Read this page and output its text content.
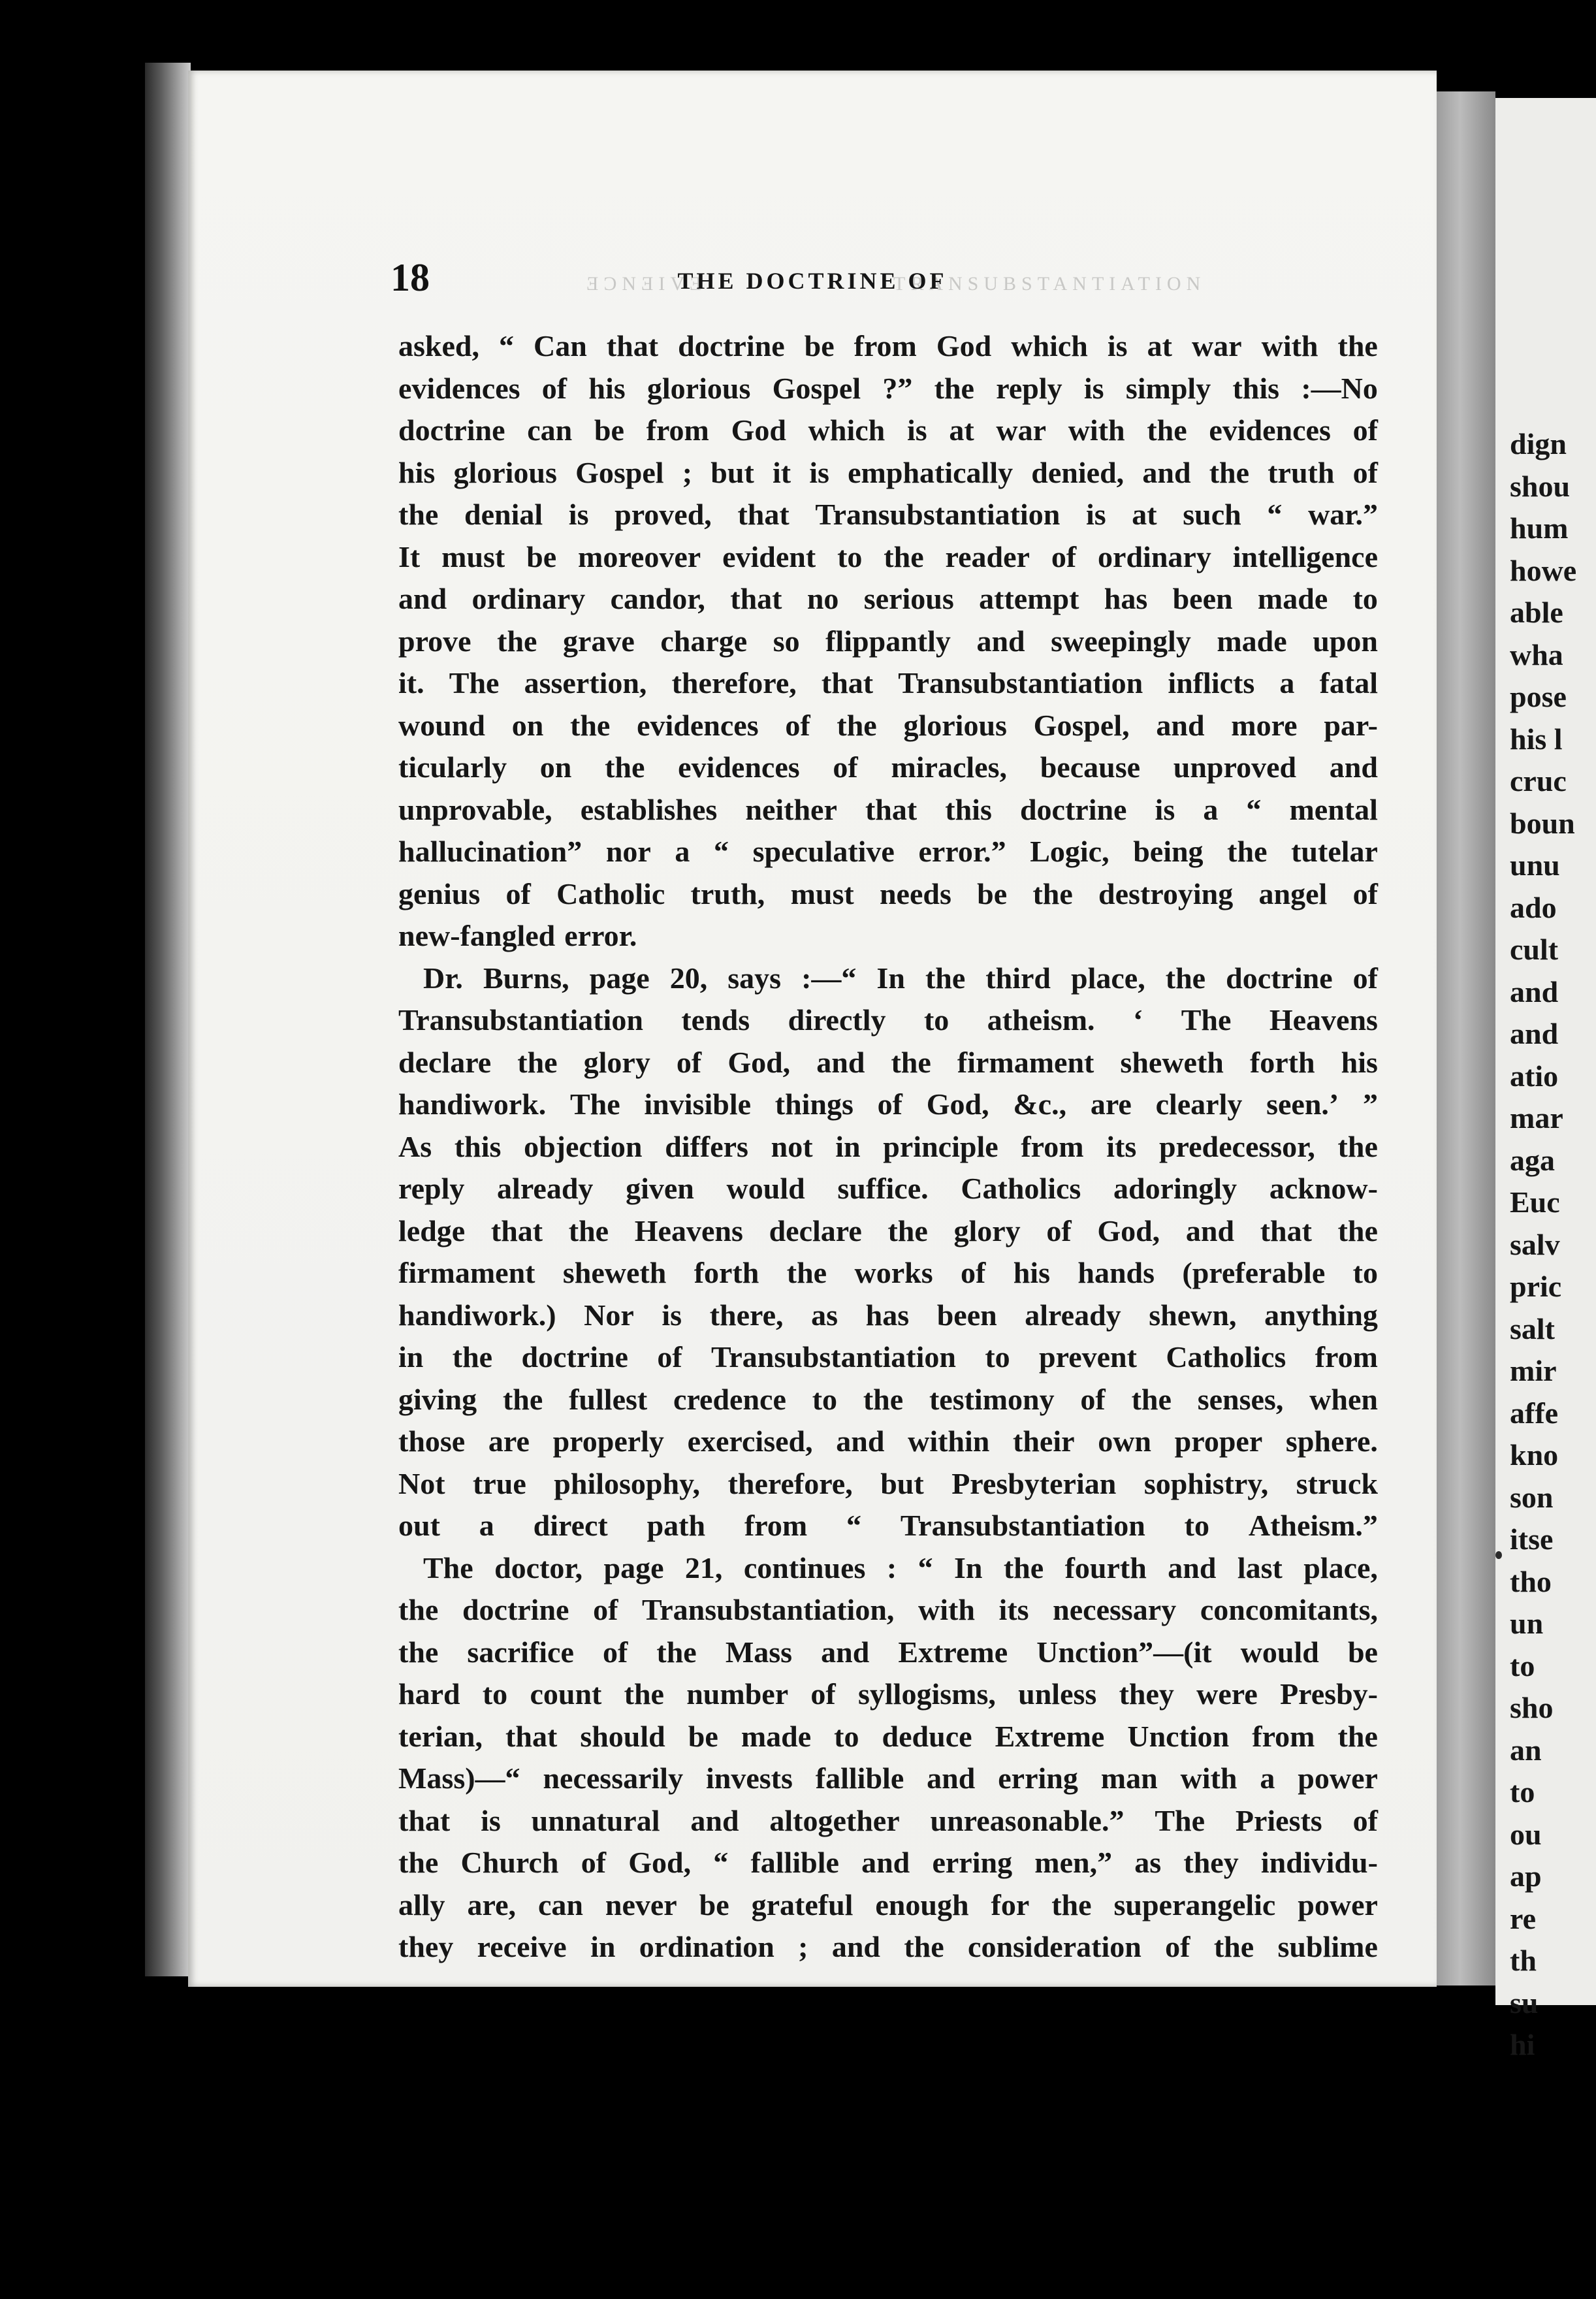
dign
shou
hum
howe
able
wha
pose
his l
cruc
boun
unu
ado
cult
and
and
atio
mar
aga
Euc
salv
pric
salt
mir
affe
kno
son
itse
tho
un
to
sho
an
to
ou
ap
re
th
su
hi
18	ƎƆNƎIVƎ	TRANSUBSTANTIATION
THE DOCTRINE OF
asked, “ Can that doctrine be from God which is at war with the
evidences of his glorious Gospel ?” the reply is simply this :—No
doctrine can be from God which is at war with the evidences of
his glorious Gospel ; but it is emphatically denied, and the truth of
the denial is proved, that Transubstantiation is at such “ war.”
It must be moreover evident to the reader of ordinary intelligence
and ordinary candor, that no serious attempt has been made to
prove the grave charge so flippantly and sweepingly made upon
it. The assertion, therefore, that Transubstantiation inflicts a fatal
wound on the evidences of the glorious Gospel, and more par-
ticularly on the evidences of miracles, because unproved and
unprovable, establishes neither that this doctrine is a “ mental
hallucination” nor a “ speculative error.” Logic, being the tutelar
genius of Catholic truth, must needs be the destroying angel of
new-fangled error.
Dr. Burns, page 20, says :—“ In the third place, the doctrine of
Transubstantiation tends directly to atheism. ‘ The Heavens
declare the glory of God, and the firmament sheweth forth his
handiwork. The invisible things of God, &c., are clearly seen.’ ”
As this objection differs not in principle from its predecessor, the
reply already given would suffice. Catholics adoringly acknow-
ledge that the Heavens declare the glory of God, and that the
firmament sheweth forth the works of his hands (preferable to
handiwork.) Nor is there, as has been already shewn, anything
in the doctrine of Transubstantiation to prevent Catholics from
giving the fullest credence to the testimony of the senses, when
those are properly exercised, and within their own proper sphere.
Not true philosophy, therefore, but Presbyterian sophistry, struck
out a direct path from “ Transubstantiation to Atheism.”
The doctor, page 21, continues : “ In the fourth and last place,
the doctrine of Transubstantiation, with its necessary concomitants,
the sacrifice of the Mass and Extreme Unction”—(it would be
hard to count the number of syllogisms, unless they were Presby-
terian, that should be made to deduce Extreme Unction from the
Mass)—“ necessarily invests fallible and erring man with a power
that is unnatural and altogether unreasonable.” The Priests of
the Church of God, “ fallible and erring men,” as they individu-
ally are, can never be grateful enough for the superangelic power
they receive in ordination ; and the consideration of the sublime
